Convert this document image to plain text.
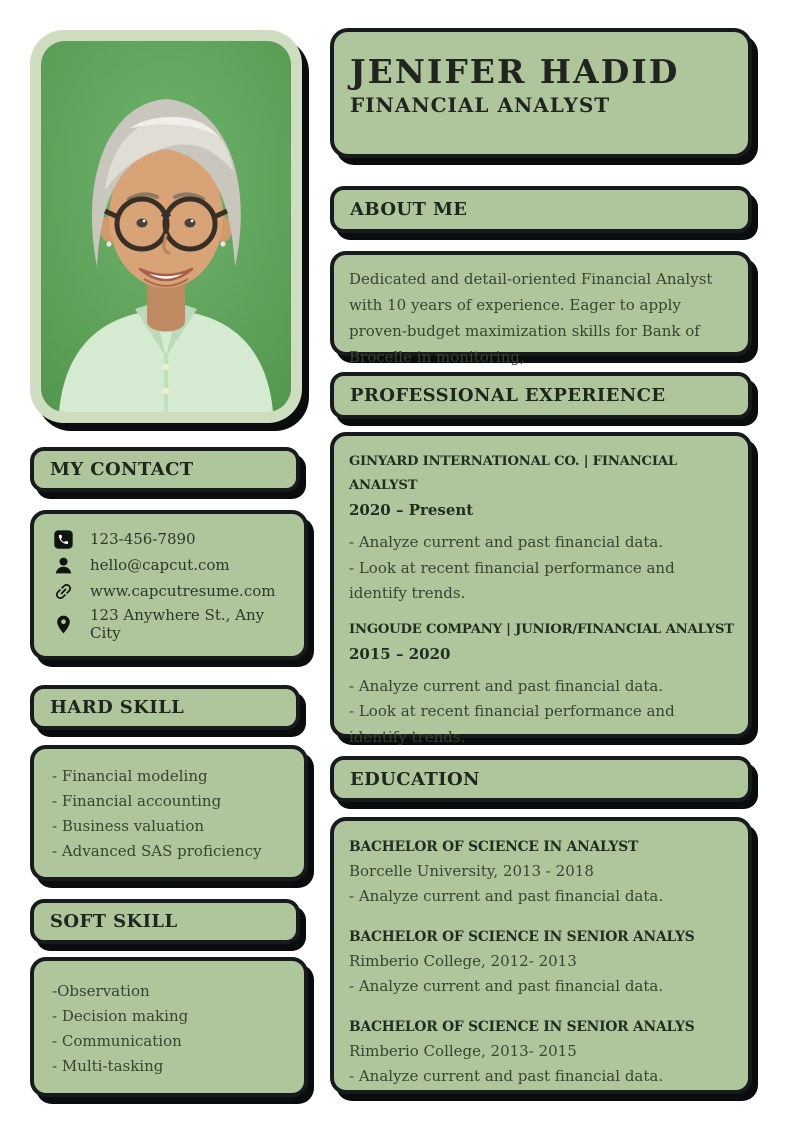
JENIFER HADID
FINANCIAL ANALYST
ABOUT ME
Dedicated and detail-oriented Financial Analyst with 10 years of experience. Eager to apply proven-budget maximization skills for Bank of Brocelle in monitoring,
PROFESSIONAL EXPERIENCE
GINYARD INTERNATIONAL CO. | FINANCIAL ANALYST
2020 – Present
- Analyze current and past financial data.
- Look at recent financial performance and
identify trends.
INGOUDE COMPANY | JUNIOR/FINANCIAL ANALYST
2015 – 2020
- Analyze current and past financial data.
- Look at recent financial performance and
identify trends.
EDUCATION
BACHELOR OF SCIENCE IN ANALYST
Borcelle University, 2013 - 2018
- Analyze current and past financial data.
BACHELOR OF SCIENCE IN SENIOR ANALYS
Rimberio College, 2012- 2013
- Analyze current and past financial data.
BACHELOR OF SCIENCE IN SENIOR ANALYS
Rimberio College, 2013- 2015
- Analyze current and past financial data.
MY CONTACT
123-456-7890
hello@capcut.com
www.capcutresume.com
123 Anywhere St., Any City
HARD SKILL
- Financial modeling
- Financial accounting
- Business valuation
- Advanced SAS proficiency
SOFT SKILL
-Observation
- Decision making
- Communication
- Multi-tasking
